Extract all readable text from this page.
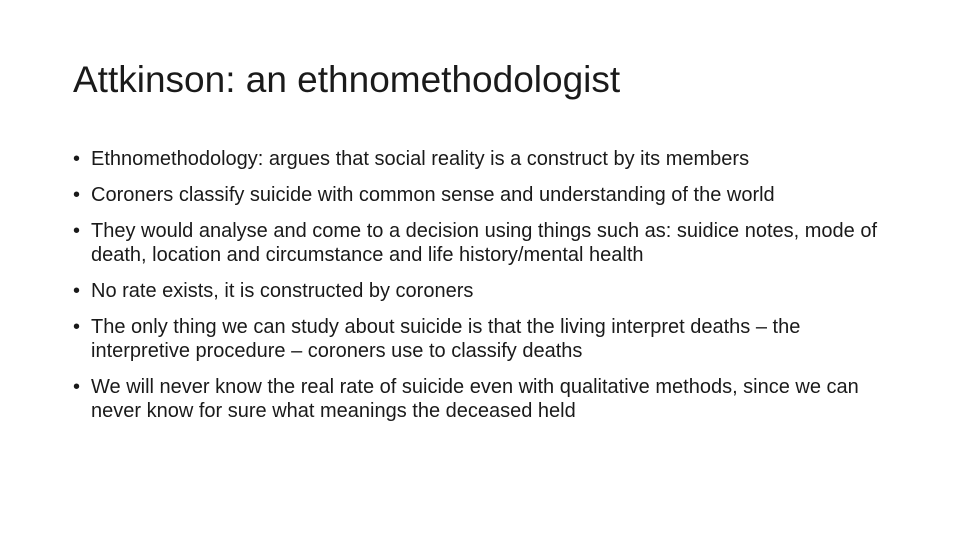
Attkinson: an ethnomethodologist
• Ethnomethodology: argues that social reality is a construct by its members
• Coroners classify suicide with common sense and understanding of the world
• They would analyse and come to a decision using things such as: suidice notes, mode of death, location and circumstance and life history/mental health
• No rate exists, it is constructed by coroners
• The only thing we can study about suicide is that the living interpret deaths – the interpretive procedure – coroners use to classify deaths
• We will never know the real rate of suicide even with qualitative methods, since we can never know for sure what meanings the deceased held
